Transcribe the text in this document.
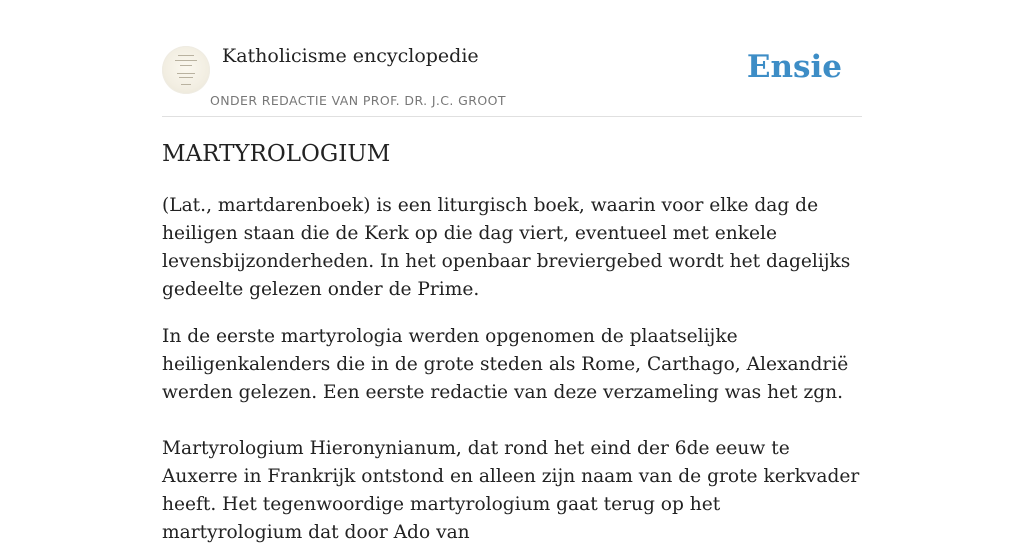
Katholicisme encyclopedie
ONDER REDACTIE VAN PROF. DR. J.C. GROOT
Ensie
MARTYROLOGIUM

(Lat., martdarenboek) is een liturgisch boek, waarin voor elke dag de heiligen staan die de Kerk op die dag viert, eventueel met enkele levensbijzonderheden. In het openbaar breviergebed wordt het dagelijks gedeelte gelezen onder de Prime.

In de eerste martyrologia werden opgenomen de plaatselijke heiligenkalenders die in de grote steden als Rome, Carthago, Alexandrië werden gelezen. Een eerste redactie van deze verzameling was het zgn.

Martyrologium Hieronynianum, dat rond het eind der 6de eeuw te Auxerre in Frankrijk ontstond en alleen zijn naam van de grote kerkvader heeft. Het tegenwoordige martyrologium gaat terug op het martyrologium dat door Ado van
